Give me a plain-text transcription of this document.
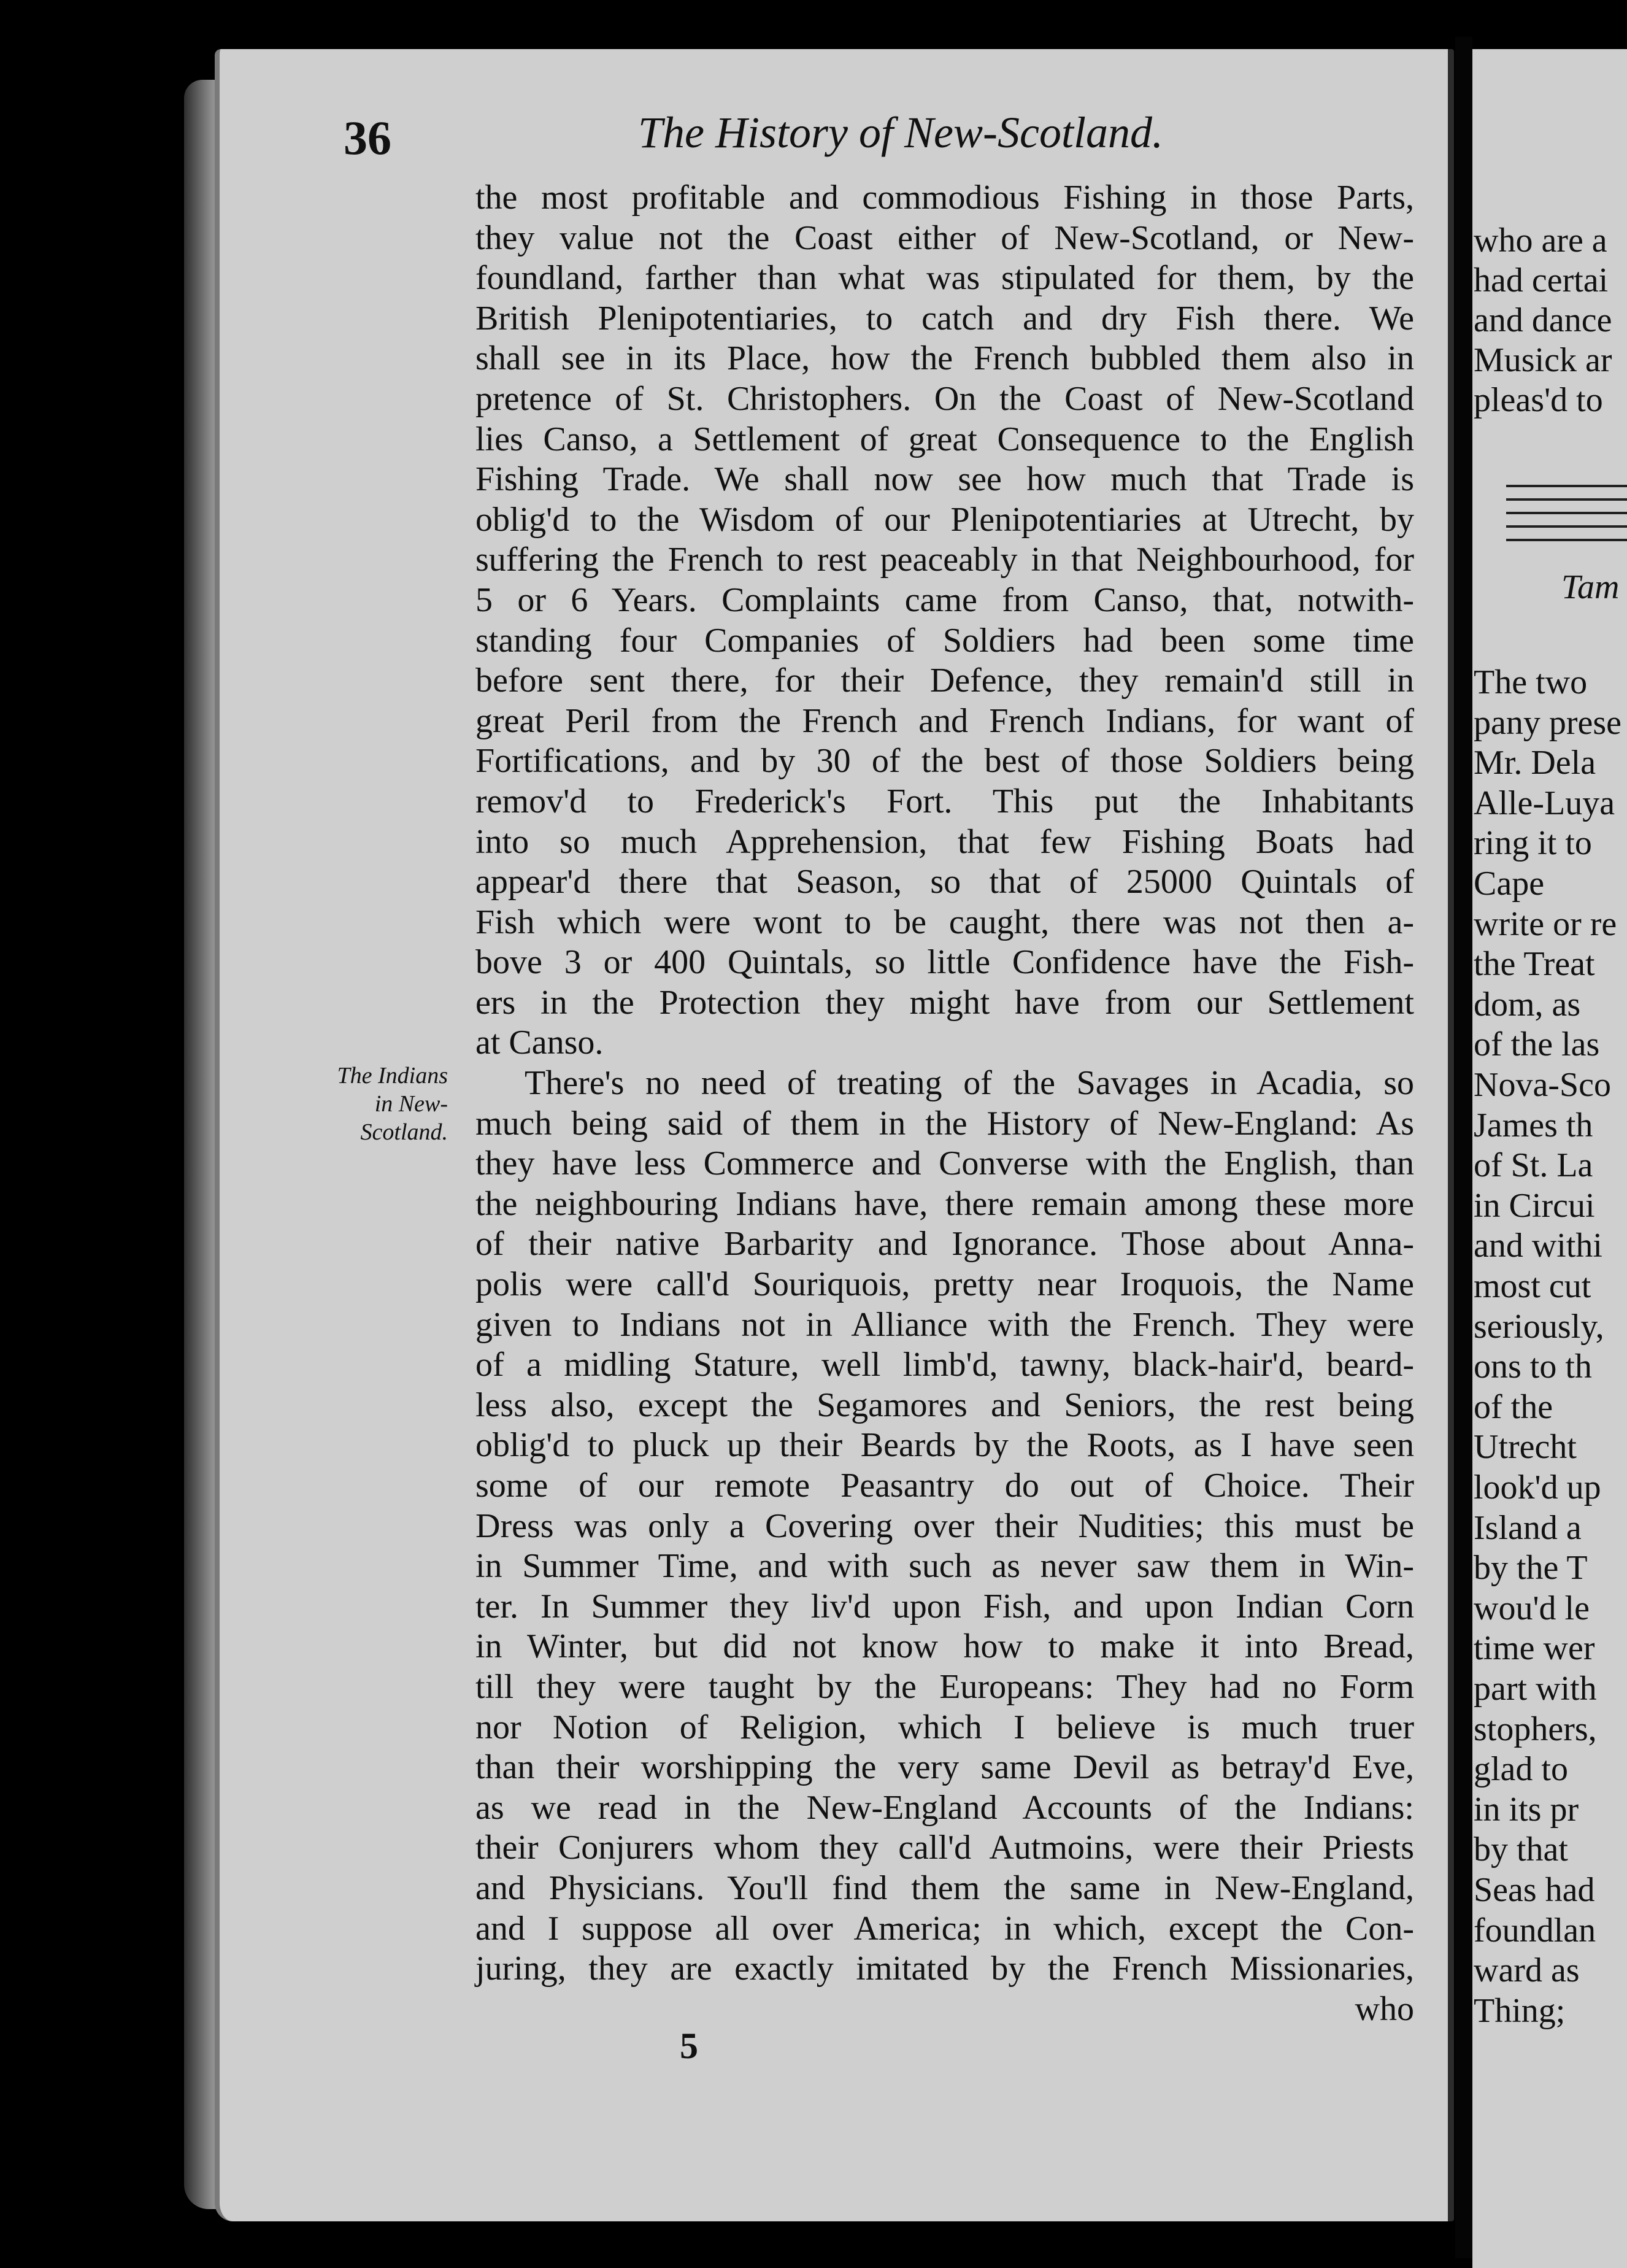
36	The History of New-Scotland.
the most profitable and commodious Fishing in those Parts,
they value not the Coast either of New-Scotland, or New-
foundland, farther than what was stipulated for them, by the
British Plenipotentiaries, to catch and dry Fish there. We
shall see in its Place, how the French bubbled them also in
pretence of St. Christophers. On the Coast of New-Scotland
lies Canso, a Settlement of great Consequence to the English
Fishing Trade. We shall now see how much that Trade is
oblig'd to the Wisdom of our Plenipotentiaries at Utrecht, by
suffering the French to rest peaceably in that Neighbourhood, for
5 or 6 Years. Complaints came from Canso, that, notwith-
standing four Companies of Soldiers had been some time
before sent there, for their Defence, they remain'd still in
great Peril from the French and French Indians, for want of
Fortifications, and by 30 of the best of those Soldiers being
remov'd to Frederick's Fort. This put the Inhabitants
into so much Apprehension, that few Fishing Boats had
appear'd there that Season, so that of 25000 Quintals of
Fish which were wont to be caught, there was not then a-
bove 3 or 400 Quintals, so little Confidence have the Fish-
ers in the Protection they might have from our Settlement
at Canso.
There's no need of treating of the Savages in Acadia, so
much being said of them in the History of New-England: As
they have less Commerce and Converse with the English, than
the neighbouring Indians have, there remain among these more
of their native Barbarity and Ignorance. Those about Anna-
polis were call'd Souriquois, pretty near Iroquois, the Name
given to Indians not in Alliance with the French. They were
of a midling Stature, well limb'd, tawny, black-hair'd, beard-
less also, except the Segamores and Seniors, the rest being
oblig'd to pluck up their Beards by the Roots, as I have seen
some of our remote Peasantry do out of Choice. Their
Dress was only a Covering over their Nudities; this must be
in Summer Time, and with such as never saw them in Win-
ter. In Summer they liv'd upon Fish, and upon Indian Corn
in Winter, but did not know how to make it into Bread,
till they were taught by the Europeans: They had no Form
nor Notion of Religion, which I believe is much truer
than their worshipping the very same Devil as betray'd Eve,
as we read in the New-England Accounts of the Indians:
their Conjurers whom they call'd Autmoins, were their Priests
and Physicians. You'll find them the same in New-England,
and I suppose all over America; in which, except the Con-
juring, they are exactly imitated by the French Missionaries,
who
The Indians
in New-
Scotland.
5
who are a
had certai
and dance
Musick ar
pleas'd to
Tam
The two
pany prese
Mr. Dela
Alle-Luya
ring it to
Cape
write or re
the Treat
dom, as
of the las
Nova-Sco
James th
of St. La
in Circui
and withi
most cut
seriously,
ons to th
of the
Utrecht
look'd up
Island a
by the T
wou'd le
time wer
part with
stophers,
glad to
in its pr
by that
Seas had
foundlan
ward as
Thing;
